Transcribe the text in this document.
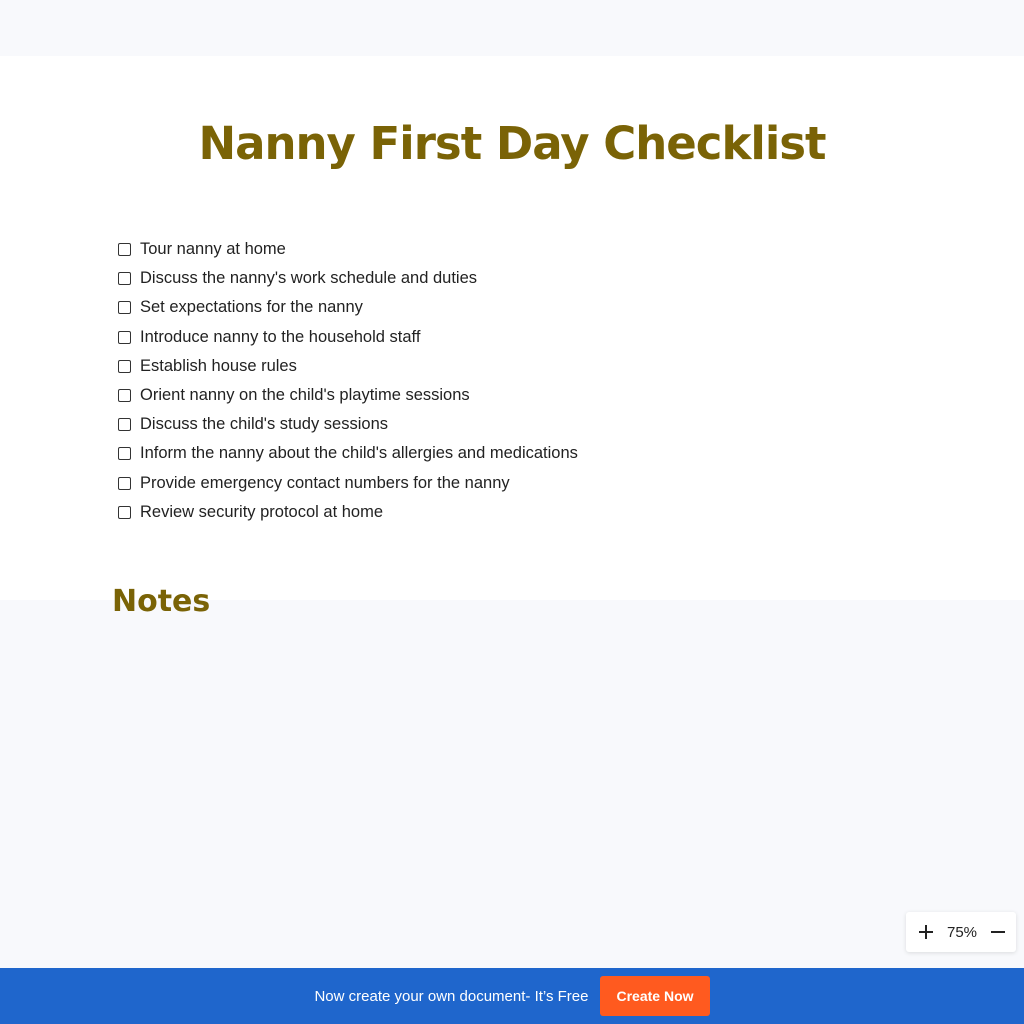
Nanny First Day Checklist
Tour nanny at home
Discuss the nanny's work schedule and duties
Set expectations for the nanny
Introduce nanny to the household staff
Establish house rules
Orient nanny on the child's playtime sessions
Discuss the child's study sessions
Inform the nanny about the child's allergies and medications
Provide emergency contact numbers for the nanny
Review security protocol at home
Notes
75%
Now create your own document- It’s Free	Create Now
